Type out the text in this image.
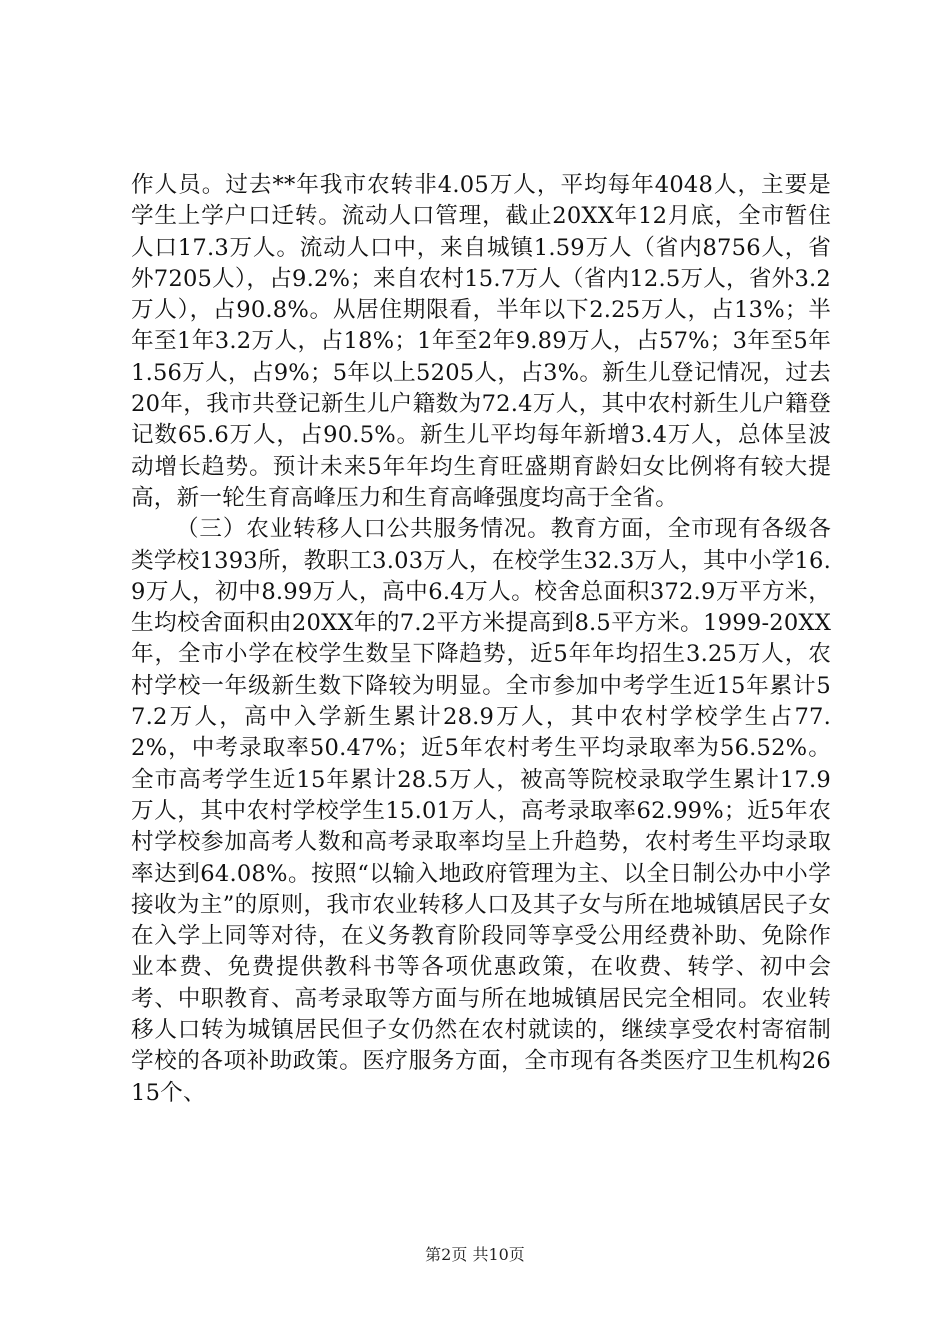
作人员。过去**年我市农转非4.05万人，平均每年4048人，主要是学生上学户口迁转。流动人口管理，截止20XX年12月底，全市暂住人口17.3万人。流动人口中，来自城镇1.59万人（省内8756人，省外7205人），占9.2%；来自农村15.7万人（省内12.5万人，省外3.2万人），占90.8%。从居住期限看，半年以下2.25万人，占13%；半年至1年3.2万人，占18%；1年至2年9.89万人，占57%；3年至5年1.56万人，占9%；5年以上5205人，占3%。新生儿登记情况，过去20年，我市共登记新生儿户籍数为72.4万人，其中农村新生儿户籍登记数65.6万人，占90.5%。新生儿平均每年新增3.4万人，总体呈波动增长趋势。预计未来5年年均生育旺盛期育龄妇女比例将有较大提高，新一轮生育高峰压力和生育高峰强度均高于全省。

（三）农业转移人口公共服务情况。教育方面，全市现有各级各类学校1393所，教职工3.03万人，在校学生32.3万人，其中小学16.9万人，初中8.99万人，高中6.4万人。校舍总面积372.9万平方米，生均校舍面积由20XX年的7.2平方米提高到8.5平方米。1999-20XX年，全市小学在校学生数呈下降趋势，近5年年均招生3.25万人，农村学校一年级新生数下降较为明显。全市参加中考学生近15年累计57.2万人，高中入学新生累计28.9万人，其中农村学校学生占77.2%，中考录取率50.47%；近5年农村考生平均录取率为56.52%。全市高考学生近15年累计28.5万人，被高等院校录取学生累计17.9万人，其中农村学校学生15.01万人，高考录取率62.99%；近5年农村学校参加高考人数和高考录取率均呈上升趋势，农村考生平均录取率达到64.08%。按照“以输入地政府管理为主、以全日制公办中小学接收为主”的原则，我市农业转移人口及其子女与所在地城镇居民子女在入学上同等对待，在义务教育阶段同等享受公用经费补助、免除作业本费、免费提供教科书等各项优惠政策，在收费、转学、初中会考、中职教育、高考录取等方面与所在地城镇居民完全相同。农业转移人口转为城镇居民但子女仍然在农村就读的，继续享受农村寄宿制学校的各项补助政策。医疗服务方面，全市现有各类医疗卫生机构2615个、

第2页 共10页
